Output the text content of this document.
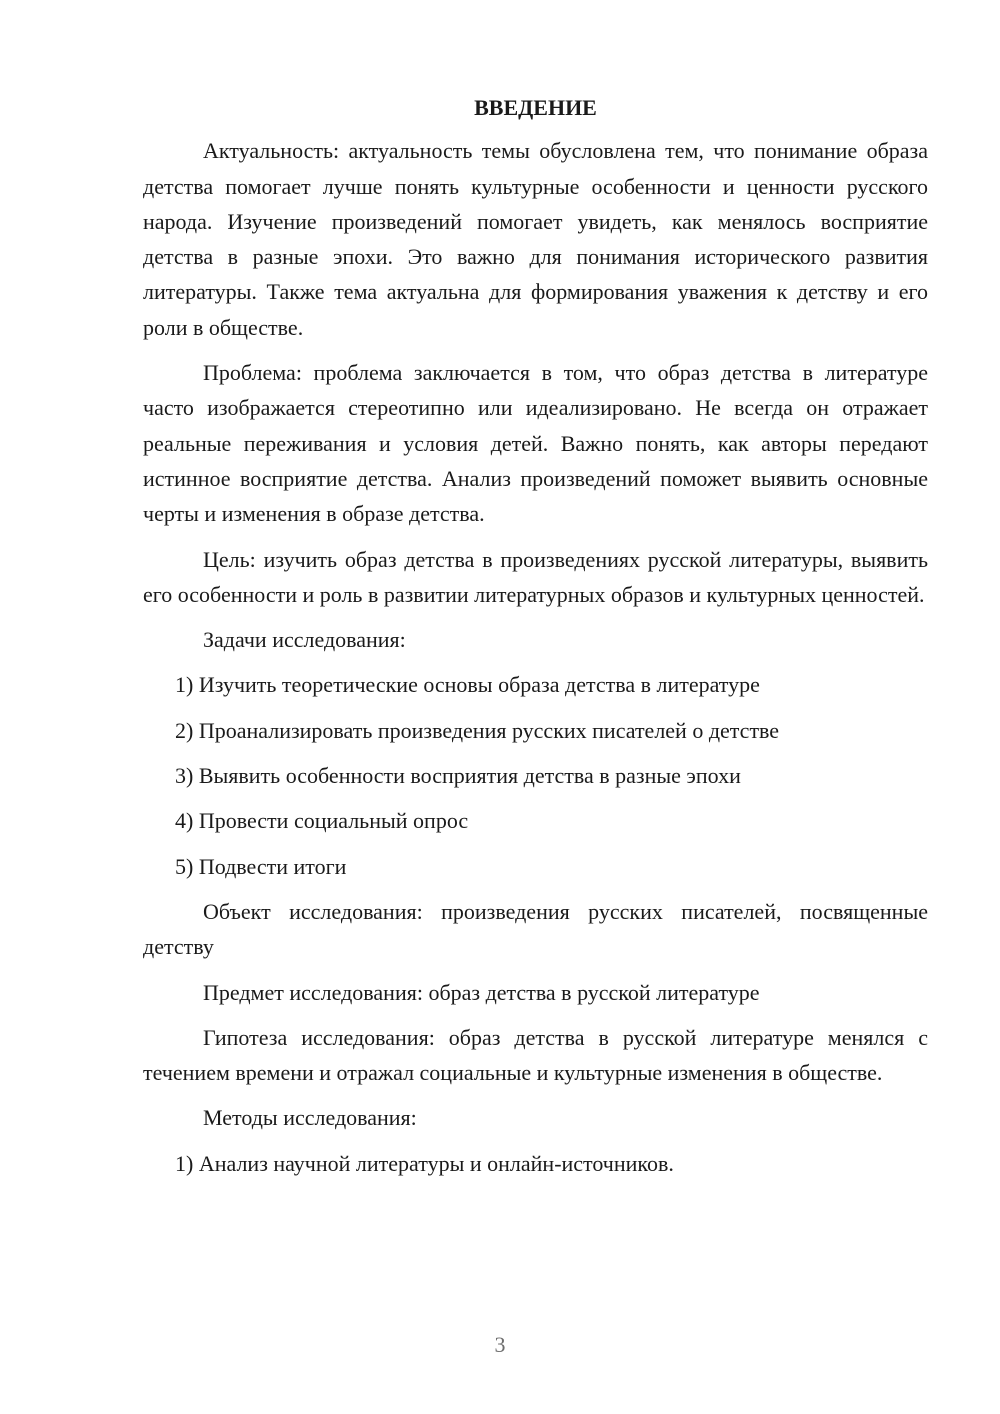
ВВЕДЕНИЕ

Актуальность: актуальность темы обусловлена тем, что понимание образа детства помогает лучше понять культурные особенности и ценности русского народа. Изучение произведений помогает увидеть, как менялось восприятие детства в разные эпохи. Это важно для понимания исторического развития литературы. Также тема актуальна для формирования уважения к детству и его роли в обществе.

Проблема: проблема заключается в том, что образ детства в литературе часто изображается стереотипно или идеализировано. Не всегда он отражает реальные переживания и условия детей. Важно понять, как авторы передают истинное восприятие детства. Анализ произведений поможет выявить основные черты и изменения в образе детства.

Цель: изучить образ детства в произведениях русской литературы, выявить его особенности и роль в развитии литературных образов и культурных ценностей.

Задачи исследования:

1) Изучить теоретические основы образа детства в литературе
2) Проанализировать произведения русских писателей о детстве
3) Выявить особенности восприятия детства в разные эпохи
4) Провести социальный опрос
5) Подвести итоги

Объект исследования: произведения русских писателей, посвященные детству

Предмет исследования: образ детства в русской литературе

Гипотеза исследования: образ детства в русской литературе менялся с течением времени и отражал социальные и культурные изменения в обществе.

Методы исследования:

1) Анализ научной литературы и онлайн-источников.
3
